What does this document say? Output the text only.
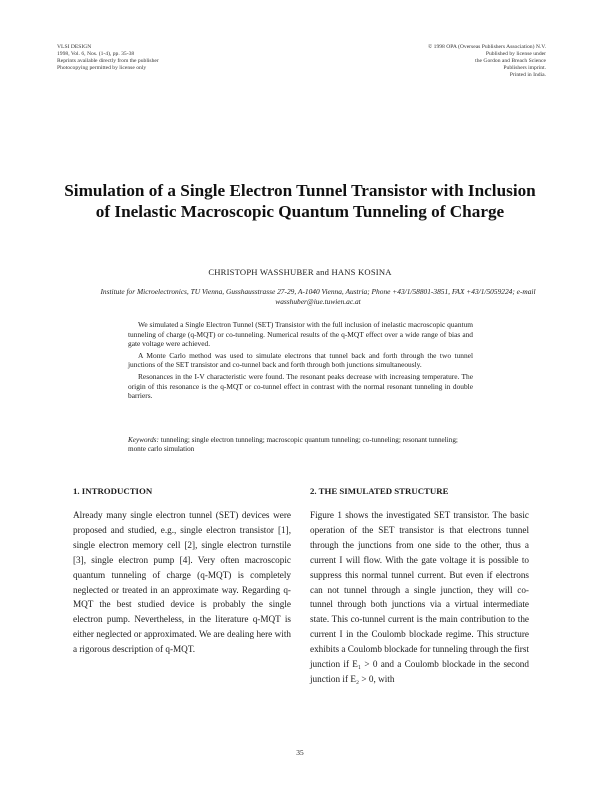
VLSI DESIGN
1998, Vol. 6, Nos. (1-4), pp. 35-38
Reprints available directly from the publisher
Photocopying permitted by license only
© 1998 OPA (Overseas Publishers Association) N.V.
Published by license under
the Gordon and Breach Science
Publishers imprint.
Printed in India.
Simulation of a Single Electron Tunnel Transistor with Inclusion of Inelastic Macroscopic Quantum Tunneling of Charge
CHRISTOPH WASSHUBER and HANS KOSINA
Institute for Microelectronics, TU Vienna, Gusshausstrasse 27-29, A-1040 Vienna, Austria; Phone +43/1/58801-3851, FAX +43/1/5059224; e-mail wasshuber@iue.tuwien.ac.at

We simulated a Single Electron Tunnel (SET) Transistor with the full inclusion of inelastic macroscopic quantum tunneling of charge (q-MQT) or co-tunneling. Numerical results of the q-MQT effect over a wide range of bias and gate voltage were achieved.

A Monte Carlo method was used to simulate electrons that tunnel back and forth through the two tunnel junctions of the SET transistor and co-tunnel back and forth through both junctions simultaneously.

Resonances in the I-V characteristic were found. The resonant peaks decrease with increasing temperature. The origin of this resonance is the q-MQT or co-tunnel effect in contrast with the normal resonant tunneling in double barriers.

Keywords: tunneling; single electron tunneling; macroscopic quantum tunneling; co-tunneling; resonant tunneling; monte carlo simulation
1. INTRODUCTION

Already many single electron tunnel (SET) devices were proposed and studied, e.g., single electron transistor [1], single electron memory cell [2], single electron turnstile [3], single electron pump [4]. Very often macroscopic quantum tunneling of charge (q-MQT) is completely neglected or treated in an approximate way. Regarding q-MQT the best studied device is probably the single electron pump. Nevertheless, in the literature q-MQT is either neglected or approximated. We are dealing here with a rigorous description of q-MQT.

2. THE SIMULATED STRUCTURE

Figure 1 shows the investigated SET transistor. The basic operation of the SET transistor is that electrons tunnel through the junctions from one side to the other, thus a current I will flow. With the gate voltage it is possible to suppress this normal tunnel current. But even if electrons can not tunnel through a single junction, they will co-tunnel through both junctions via a virtual intermediate state. This co-tunnel current is the main contribution to the current I in the Coulomb blockade regime. This structure exhibits a Coulomb blockade for tunneling through the first junction if E₁ > 0 and a Coulomb blockade in the second junction if E₂ > 0, with

35
